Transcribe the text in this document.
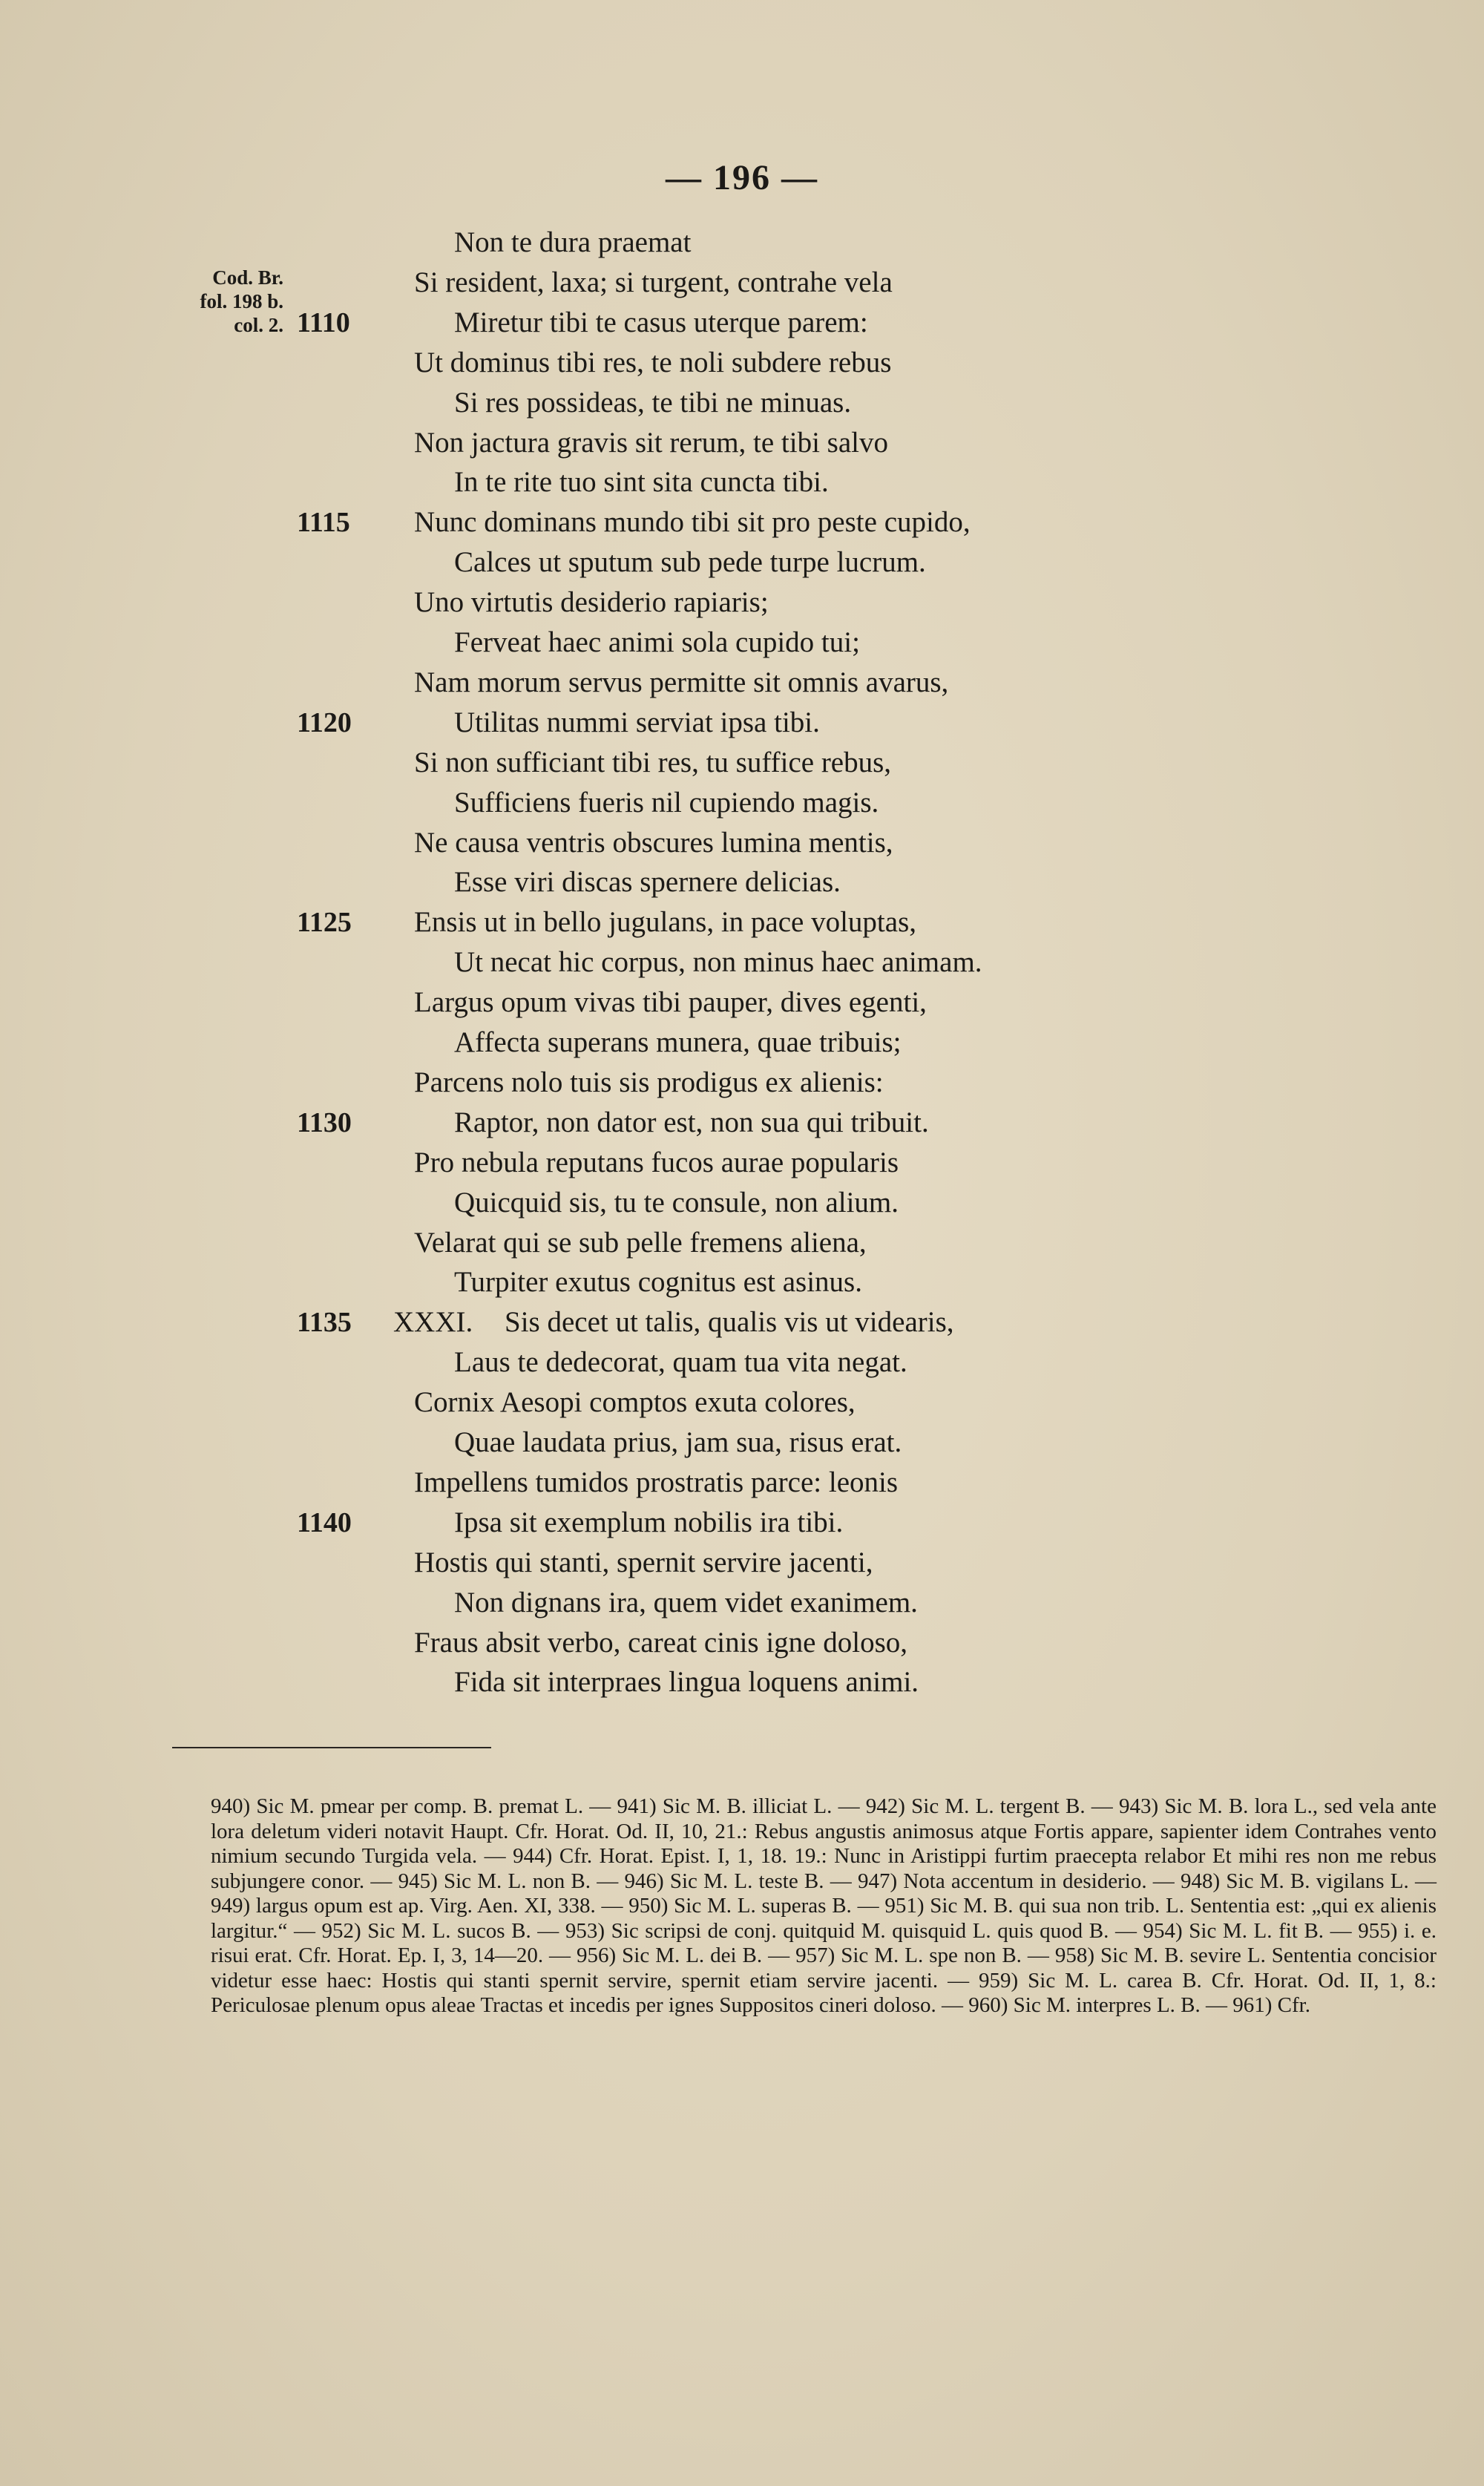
— 196 —
Cod. Br.
fol. 198 b.
col. 2.
Non te dura praemat
Si resident, laxa; si turgent, contrahe vela
1110	Miretur tibi te casus uterque parem:
Ut dominus tibi res, te noli subdere rebus
Si res possideas, te tibi ne minuas.
Non jactura gravis sit rerum, te tibi salvo
In te rite tuo sint sita cuncta tibi.
1115	Nunc dominans mundo tibi sit pro peste cupido,
Calces ut sputum sub pede turpe lucrum.
Uno virtutis desiderio rapiaris;
Ferveat haec animi sola cupido tui;
Nam morum servus permitte sit omnis avarus,
1120	Utilitas nummi serviat ipsa tibi.
Si non sufficiant tibi res, tu suffice rebus,
Sufficiens fueris nil cupiendo magis.
Ne causa ventris obscures lumina mentis,
Esse viri discas spernere delicias.
1125	Ensis ut in bello jugulans, in pace voluptas,
Ut necat hic corpus, non minus haec animam.
Largus opum vivas tibi pauper, dives egenti,
Affecta superans munera, quae tribuis;
Parcens nolo tuis sis prodigus ex alienis:
1130	Raptor, non dator est, non sua qui tribuit.
Pro nebula reputans fucos aurae popularis
Quicquid sis, tu te consule, non alium.
Velarat qui se sub pelle fremens aliena,
Turpiter exutus cognitus est asinus.
1135	XXXI. Sis decet ut talis, qualis vis ut videaris,
Laus te dedecorat, quam tua vita negat.
Cornix Aesopi comptos exuta colores,
Quae laudata prius, jam sua, risus erat.
Impellens tumidos prostratis parce: leonis
1140	Ipsa sit exemplum nobilis ira tibi.
Hostis qui stanti, spernit servire jacenti,
Non dignans ira, quem videt exanimem.
Fraus absit verbo, careat cinis igne doloso,
Fida sit interpraes lingua loquens animi.
940) Sic M. pmear per comp. B. premat L. — 941) Sic M. B. illiciat L. — 942) Sic M. L. tergent B. — 943) Sic M. B. lora L., sed vela ante lora deletum videri notavit Haupt. Cfr. Horat. Od. II, 10, 21.: Rebus angustis animosus atque Fortis appare, sapienter idem Contrahes vento nimium secundo Turgida vela. — 944) Cfr. Horat. Epist. I, 1, 18. 19.: Nunc in Aristippi furtim praecepta relabor Et mihi res non me rebus subjungere conor. — 945) Sic M. L. non B. — 946) Sic M. L. teste B. — 947) Nota accentum in desiderio. — 948) Sic M. B. vigilans L. — 949) largus opum est ap. Virg. Aen. XI, 338. — 950) Sic M. L. superas B. — 951) Sic M. B. qui sua non trib. L. Sententia est: „qui ex alienis largitur.“ — 952) Sic M. L. sucos B. — 953) Sic scripsi de conj. quitquid M. quisquid L. quis quod B. — 954) Sic M. L. fit B. — 955) i. e. risui erat. Cfr. Horat. Ep. I, 3, 14—20. — 956) Sic M. L. dei B. — 957) Sic M. L. spe non B. — 958) Sic M. B. sevire L. Sententia concisior videtur esse haec: Hostis qui stanti spernit servire, spernit etiam servire jacenti. — 959) Sic M. L. carea B. Cfr. Horat. Od. II, 1, 8.: Periculosae plenum opus aleae Tractas et incedis per ignes Suppositos cineri doloso. — 960) Sic M. interpres L. B. — 961) Cfr.
